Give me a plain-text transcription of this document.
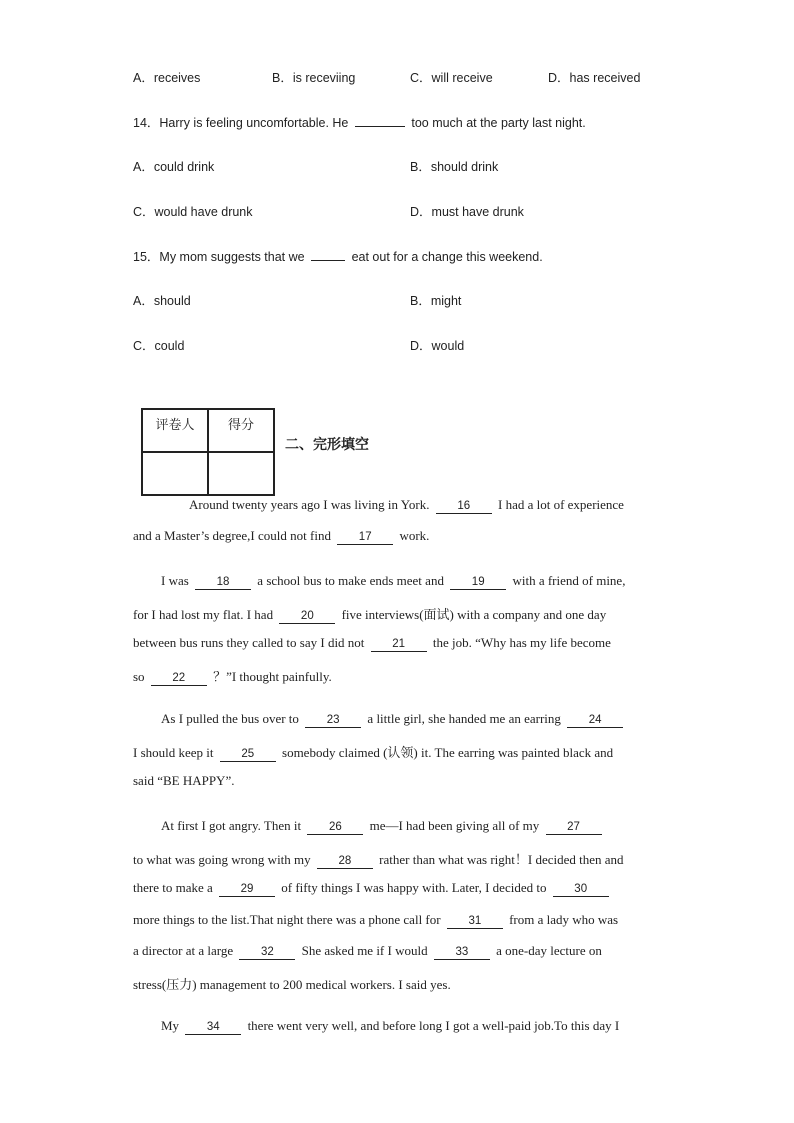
A．receives	B．is receviing	C．will receive	D．has received
14．Harry is feeling uncomfortable. He	too much at the party last night.
A．could drink	B．should drink
C．would have drunk	D．must have drunk
15．My mom suggests that we	eat out for a change this weekend.
A．should	B．might
C．could	D．would
评卷人	得分

二、完形填空
Around twenty years ago I was living in York. 16 I had a lot of experience
and a Master’s degree,I could not find 17 work.
I was 18 a school bus to make ends meet and 19 with a friend of mine,
for I had lost my flat. I had 20 five interviews(面试) with a company and one day
between bus runs they called to say I did not 21 the job. “Why has my life become
so 22 ？”I thought painfully.
As I pulled the bus over to 23 a little girl, she handed me an earring 24
I should keep it 25 somebody claimed (认领) it. The earring was painted black and
said “BE HAPPY”.
At first I got angry. Then it 26 me—I had been giving all of my 27
to what was going wrong with my 28 rather than what was right！I decided then and
there to make a 29 of fifty things I was happy with. Later, I decided to 30
more things to the list.That night there was a phone call for 31 from a lady who was
a director at a large 32 She asked me if I would 33 a one-day lecture on
stress(压力) management to 200 medical workers. I said yes.
My 34 there went very well, and before long I got a well-paid job.To this day I
